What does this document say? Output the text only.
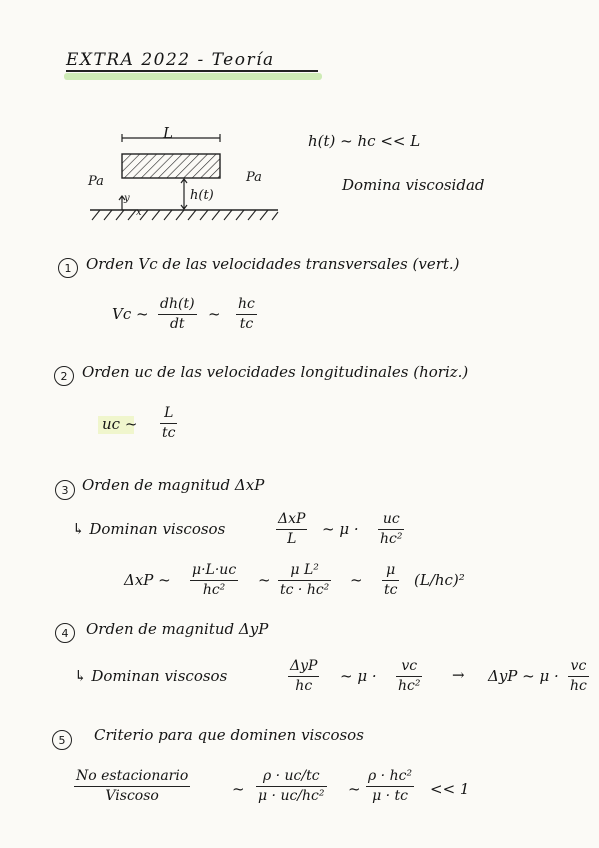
EXTRA 2022 - Teoría
L
Pa	Pa
h(t)
y
x
h(t) ~ hc << L
Domina viscosidad
1 Orden Vc de las velocidades transversales (vert.)
Vc ~
dh(t)
dt
~
hc
tc
2 Orden uc de las velocidades longitudinales (horiz.)
uc ~
L
tc
3 Orden de magnitud ΔxP
↳ Dominan viscosos
ΔxP
L
~ μ ·
uc
hc²
ΔxP ~
μ·L·uc
hc²
~
μ L²
tc · hc²
~
μ
tc
(L/hc)²
4	Orden de magnitud ΔyP
↳ Dominan viscosos
ΔyP
hc
~ μ ·
vc
hc²
→ ΔyP ~ μ ·
vc
hc
5	Criterio para que dominen viscosos
No estacionario
Viscoso	~
ρ · uc/tc
μ · uc/hc² ~
ρ · hc²
μ · tc << 1
